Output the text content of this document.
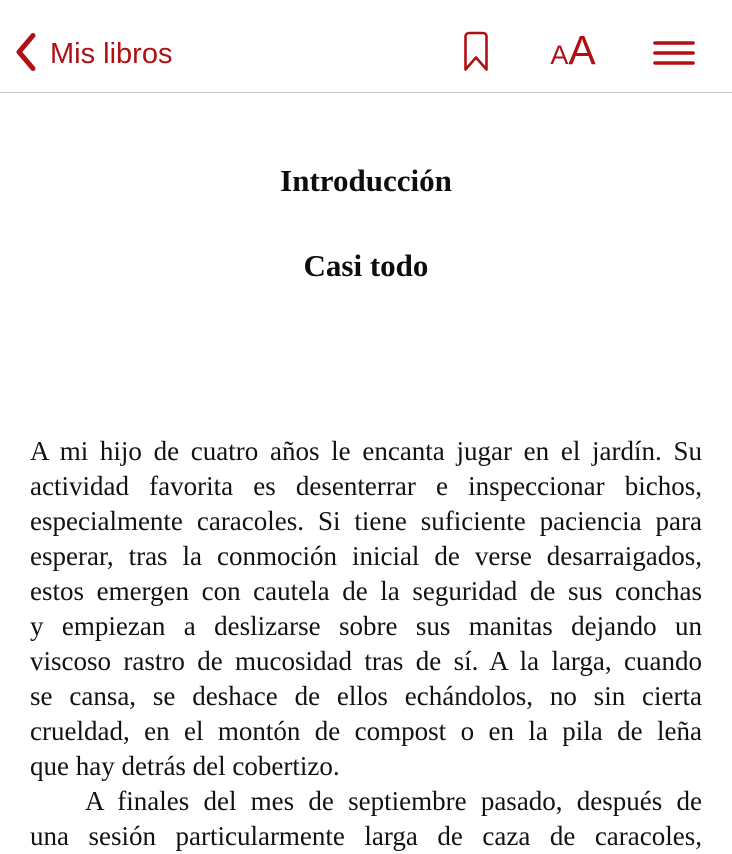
Mis libros	A A
Introducción
Casi todo
A mi hijo de cuatro años le encanta jugar en el jardín. Su
actividad favorita es desenterrar e inspeccionar bichos,
especialmente caracoles. Si tiene suficiente paciencia para
esperar, tras la conmoción inicial de verse desarraigados,
estos emergen con cautela de la seguridad de sus conchas
y empiezan a deslizarse sobre sus manitas dejando un
viscoso rastro de mucosidad tras de sí. A la larga, cuando
se cansa, se deshace de ellos echándolos, no sin cierta
crueldad, en el montón de compost o en la pila de leña
que hay detrás del cobertizo.
A finales del mes de septiembre pasado, después de
una sesión particularmente larga de caza de caracoles,
